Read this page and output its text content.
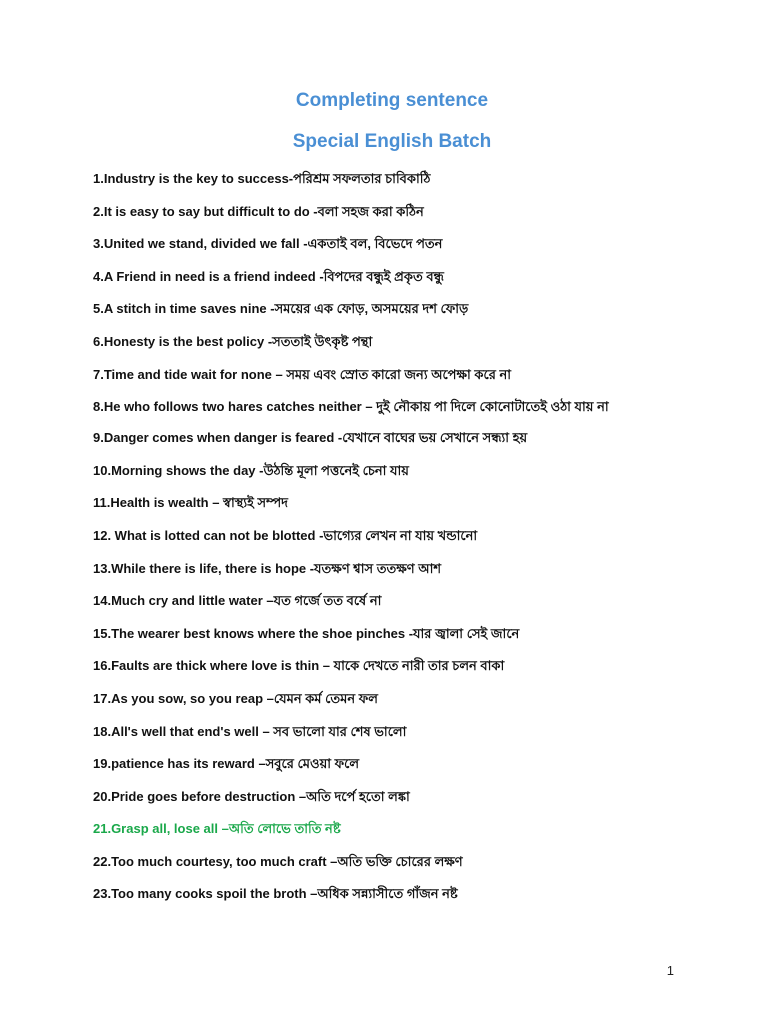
Completing sentence
Special English Batch
1.Industry is the key to success-পরিশ্রম সফলতার চাবিকাঠি
2.It is easy to say but difficult to do -বলা সহজ করা কঠিন
3.United we stand, divided we fall -একতাই বল, বিভেদে পতন
4.A Friend in need is a friend indeed -বিপদের বন্ধুই প্রকৃত বন্ধু
5.A stitch in time saves nine -সময়ের এক ফোড়, অসময়ের দশ ফোড়
6.Honesty is the best policy -সততাই উৎকৃষ্ট পন্থা
7.Time and tide wait for none – সময় এবং স্রোত কারো জন্য অপেক্ষা করে না
8.He who follows two hares catches neither – দুই নৌকায় পা দিলে কোনোটাতেই ওঠা যায় না
9.Danger comes when danger is feared -যেখানে বাঘের ভয় সেখানে সন্ধ্যা হয়
10.Morning shows the day -উঠন্তি মূলা পত্তনেই চেনা যায়
11.Health is wealth – স্বাস্থ্যই সম্পদ
12. What is lotted can not be blotted -ভাগ্যের লেখন না যায় খন্ডানো
13.While there is life, there is hope -যতক্ষণ শ্বাস ততক্ষণ আশ
14.Much cry and little water –যত গর্জে তত বর্ষে না
15.The wearer best knows where the shoe pinches -যার জ্বালা সেই জানে
16.Faults are thick where love is thin – যাকে দেখতে নারী তার চলন বাকা
17.As you sow, so you reap –যেমন কর্ম তেমন ফল
18.All's well that end's well – সব ভালো যার শেষ ভালো
19.patience has its reward –সবুরে মেওয়া ফলে
20.Pride goes before destruction –অতি দর্পে হতো লঙ্কা
21.Grasp all, lose all –অতি লোভে তাতি নষ্ট
22.Too much courtesy, too much craft –অতি ভক্তি চোরের লক্ষণ
23.Too many cooks spoil the broth –অধিক সন্ন্যাসীতে গাঁজন নষ্ট
1
